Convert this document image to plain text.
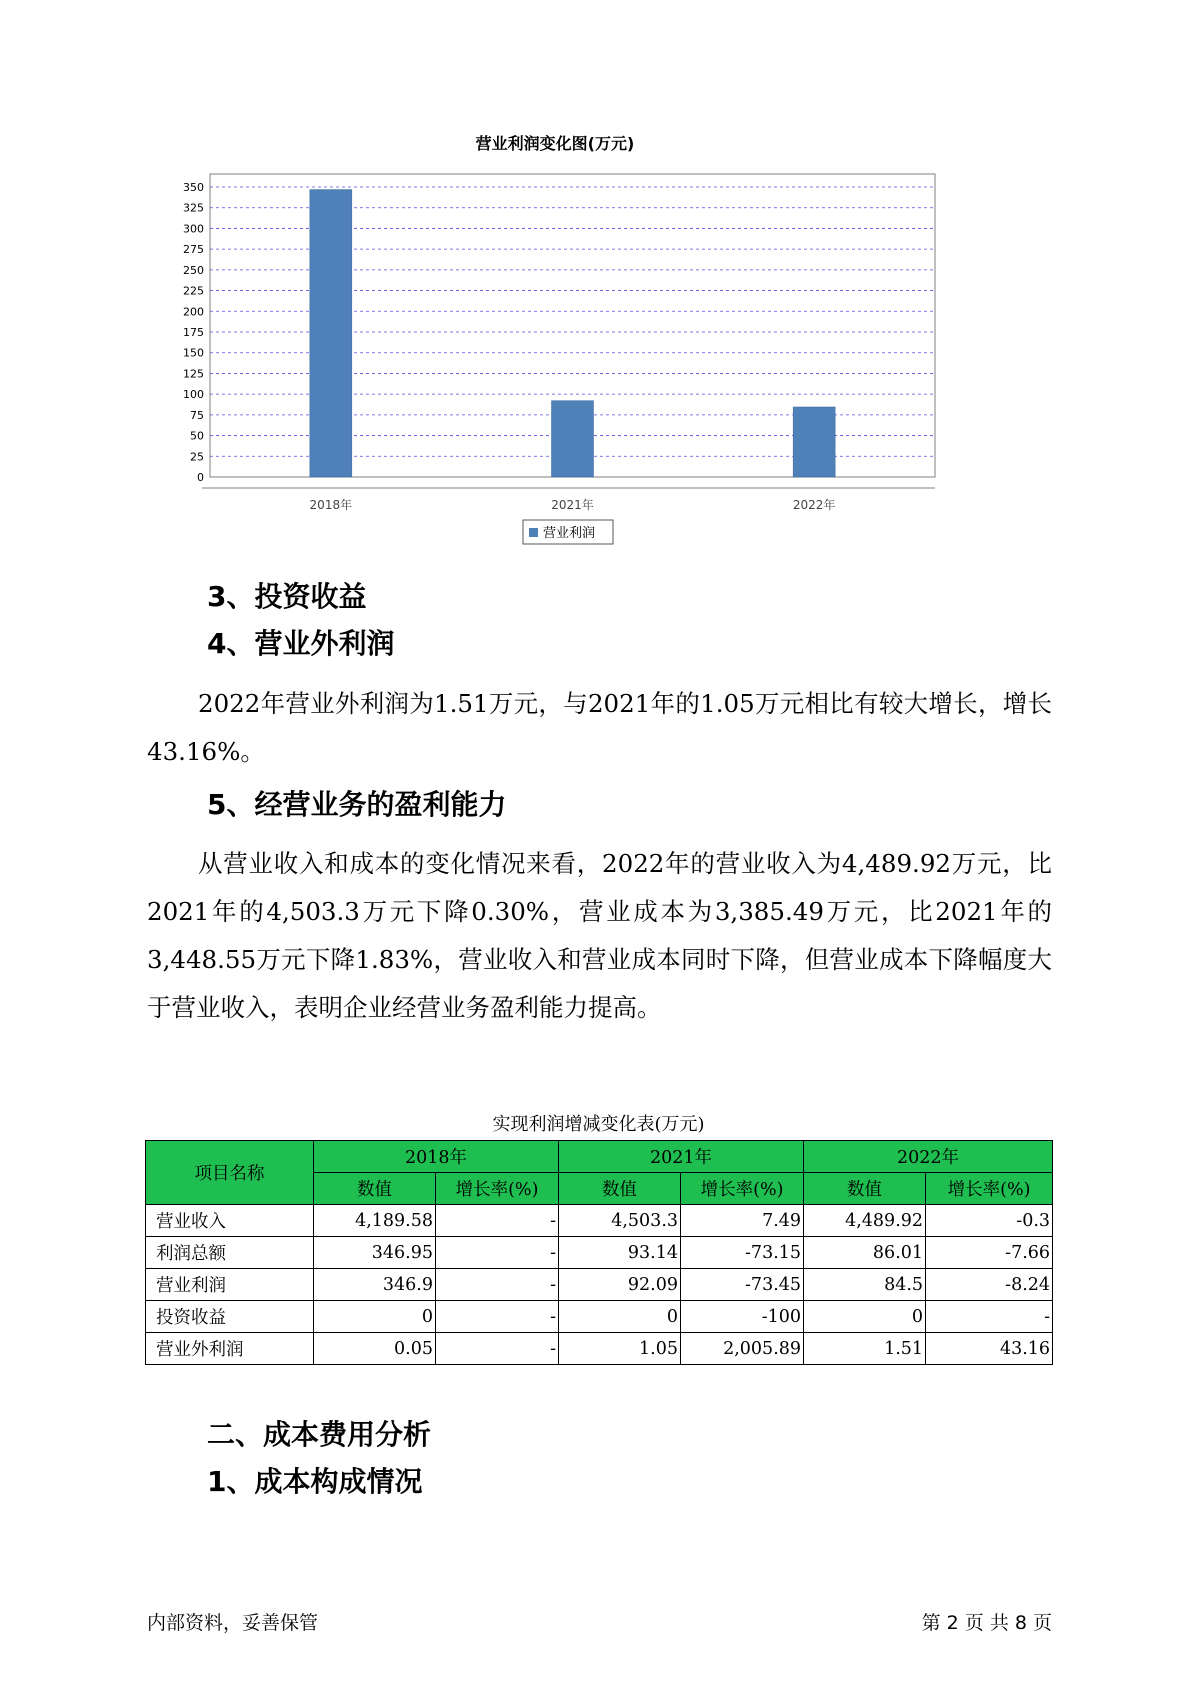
营业利润变化图(万元)
0
25
50
75
100
125
150
175
200
225
250
275
300
325
350
2018年	2021年	2022年
营业利润
3、投资收益
4、营业外利润

2022年营业外利润为1.51万元，与2021年的1.05万元相比有较大增长，增长43.16%。

5、经营业务的盈利能力

从营业收入和成本的变化情况来看，2022年的营业收入为4,489.92万元，比2021年的4,503.3万元下降0.30%，营业成本为3,385.49万元，比2021年的3,448.55万元下降1.83%，营业收入和营业成本同时下降，但营业成本下降幅度大于营业收入，表明企业经营业务盈利能力提高。

实现利润增减变化表(万元)

项目名称	2018年		2021年		2022年	
	数值	增长率(%)	数值	增长率(%)	数值	增长率(%)
营业收入	4,189.58	-	4,503.3	7.49	4,489.92	-0.3
利润总额	346.95	-	93.14	-73.15	86.01	-7.66
营业利润	346.9	-	92.09	-73.45	84.5	-8.24
投资收益	0	-	0	-100	0	-
营业外利润	0.05	-	1.05	2,005.89	1.51	43.16
二、成本费用分析
1、成本构成情况

内部资料，妥善保管	第 2 页 共 8 页
